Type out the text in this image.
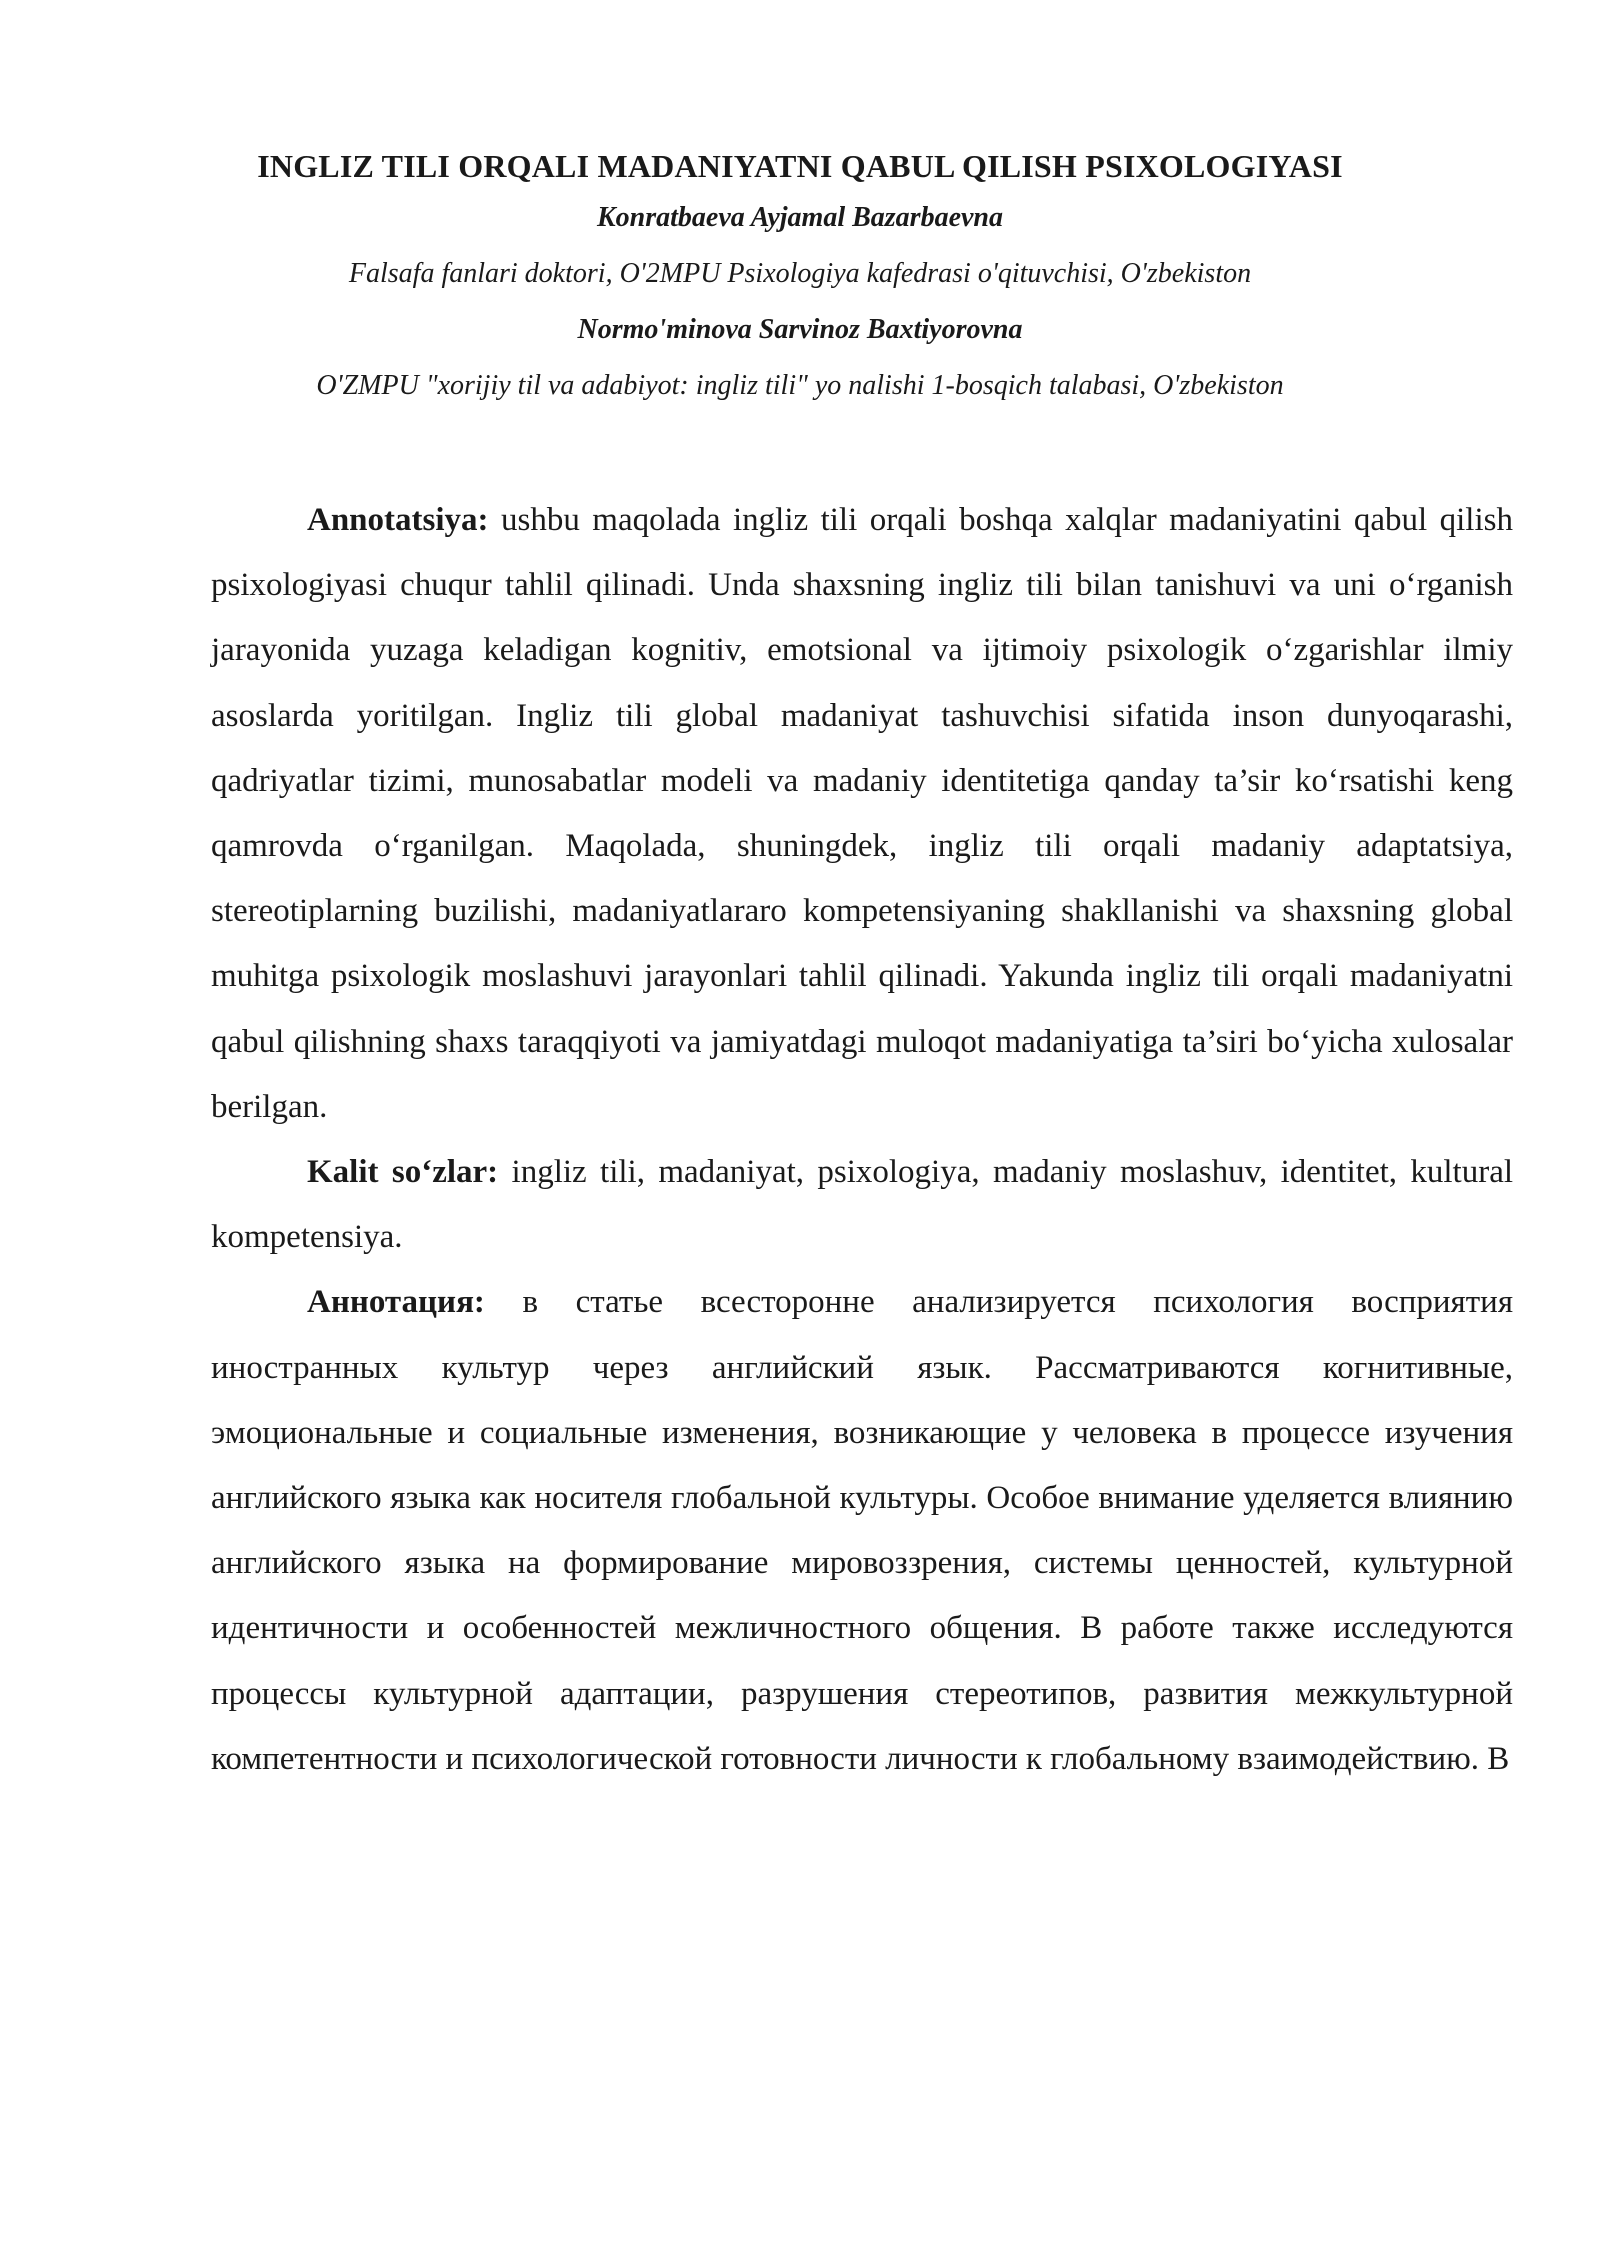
INGLIZ TILI ORQALI MADANIYATNI QABUL QILISH PSIXOLOGIYASI

Konratbaeva Ayjamal Bazarbaevna

Falsafa fanlari doktori, O'2MPU Psixologiya kafedrasi o'qituvchisi, O'zbekiston

Normo'minova Sarvinoz Baxtiyorovna

O'ZMPU "xorijiy til va adabiyot: ingliz tili" yo nalishi 1-bosqich talabasi, O'zbekiston

Annotatsiya: ushbu maqolada ingliz tili orqali boshqa xalqlar madaniyatini qabul qilish psixologiyasi chuqur tahlil qilinadi. Unda shaxsning ingliz tili bilan tanishuvi va uni o‘rganish jarayonida yuzaga keladigan kognitiv, emotsional va ijtimoiy psixologik o‘zgarishlar ilmiy asoslarda yoritilgan. Ingliz tili global madaniyat tashuvchisi sifatida inson dunyoqarashi, qadriyatlar tizimi, munosabatlar modeli va madaniy identitetiga qanday ta’sir ko‘rsatishi keng qamrovda o‘rganilgan. Maqolada, shuningdek, ingliz tili orqali madaniy adaptatsiya, stereotiplarning buzilishi, madaniyatlararo kompetensiyaning shakllanishi va shaxsning global muhitga psixologik moslashuvi jarayonlari tahlil qilinadi. Yakunda ingliz tili orqali madaniyatni qabul qilishning shaxs taraqqiyoti va jamiyatdagi muloqot madaniyatiga ta’siri bo‘yicha xulosalar berilgan.

Kalit so‘zlar: ingliz tili, madaniyat, psixologiya, madaniy moslashuv, identitet, kultural kompetensiya.

Аннотация: в статье всесторонне анализируется психология восприятия иностранных культур через английский язык. Рассматриваются когнитивные, эмоциональные и социальные изменения, возникающие у человека в процессе изучения английского языка как носителя глобальной культуры. Особое внимание уделяется влиянию английского языка на формирование мировоззрения, системы ценностей, культурной идентичности и особенностей межличностного общения. В работе также исследуются процессы культурной адаптации, разрушения стереотипов, развития межкультурной компетентности и психологической готовности личности к глобальному взаимодействию. В
